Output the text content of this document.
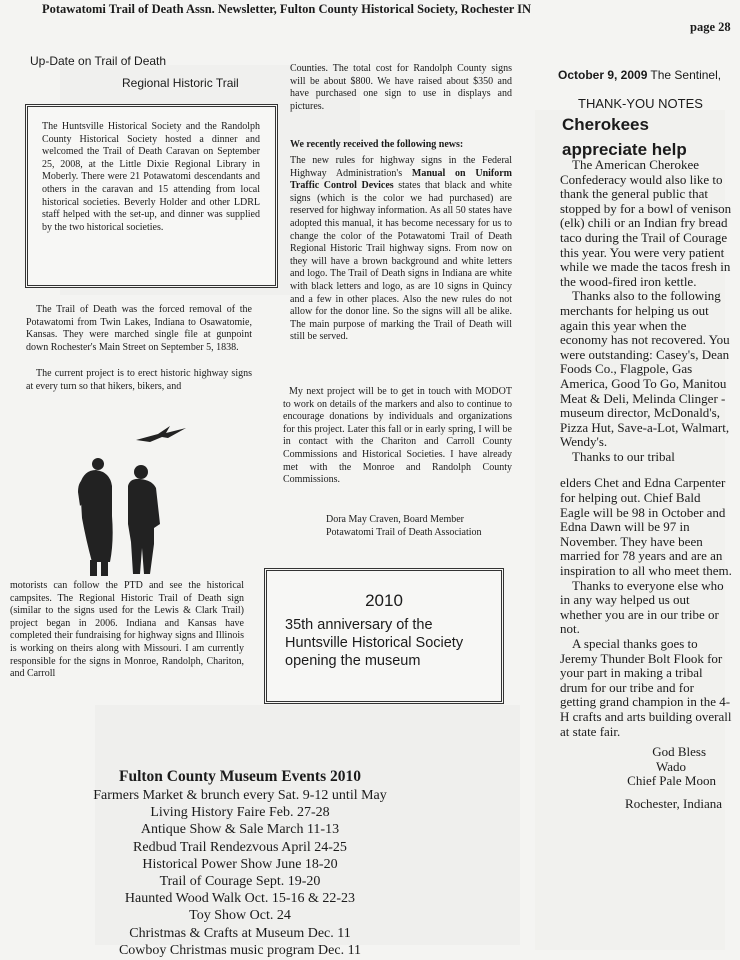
Potawatomi Trail of Death Assn. Newsletter, Fulton County Historical Society, Rochester IN
page 28
Up-Date on Trail of Death
Regional Historic Trail

The Huntsville Historical Society and the Randolph County Historical Society hosted a dinner and welcomed the Trail of Death Caravan on September 25, 2008, at the Little Dixie Regional Library in Moberly. There were 21 Potawatomi descendants and others in the caravan and 15 attending from local historical societies. Beverly Holder and other LDRL staff helped with the set-up, and dinner was supplied by the two historical societies.

The Trail of Death was the forced removal of the Potawatomi from Twin Lakes, Indiana to Osawatomie, Kansas. They were marched single file at gunpoint down Rochester's Main Street on September 5, 1838.

The current project is to erect historic highway signs at every turn so that hikers, bikers, and

motorists can follow the PTD and see the historical campsites. The Regional Historic Trail of Death sign (similar to the signs used for the Lewis & Clark Trail) project began in 2006. Indiana and Kansas have completed their fundraising for highway signs and Illinois is working on theirs along with Missouri. I am currently responsible for the signs in Monroe, Randolph, Chariton, and Carroll

Counties. The total cost for Randolph County signs will be about $800. We have raised about $350 and have purchased one sign to use in displays and pictures.

We recently received the following news:

The new rules for highway signs in the Federal Highway Administration's Manual on Uniform Traffic Control Devices states that black and white signs (which is the color we had purchased) are reserved for highway information. As all 50 states have adopted this manual, it has become necessary for us to change the color of the Potawatomi Trail of Death Regional Historic Trail highway signs. From now on they will have a brown background and white letters and logo. The Trail of Death signs in Indiana are white with black letters and logo, as are 10 signs in Quincy and a few in other places. Also the new rules do not allow for the donor line. So the signs will all be alike. The main purpose of marking the Trail of Death will still be served.

My next project will be to get in touch with MODOT to work on details of the markers and also to continue to encourage donations by individuals and organizations for this project. Later this fall or in early spring, I will be in contact with the Chariton and Carroll County Commissions and Historical Societies. I have already met with the Monroe and Randolph County Commissions.

Dora May Craven, Board Member
Potawatomi Trail of Death Association
2010
35th anniversary of the
Huntsville Historical Society
opening the museum
Fulton County Museum Events 2010
Farmers Market & brunch every Sat. 9-12 until May
Living History Faire Feb. 27-28
Antique Show & Sale March 11-13
Redbud Trail Rendezvous April 24-25
Historical Power Show June 18-20
Trail of Courage Sept. 19-20
Haunted Wood Walk Oct. 15-16 & 22-23
Toy Show Oct. 24
Christmas & Crafts at Museum Dec. 11
Cowboy Christmas music program Dec. 11
October 9, 2009 The Sentinel,
THANK-YOU NOTES
Cherokees
appreciate help

The American Cherokee Confederacy would also like to thank the general public that stopped by for a bowl of venison (elk) chili or an Indian fry bread taco during the Trail of Courage this year. You were very patient while we made the tacos fresh in the wood-fired iron kettle.

Thanks also to the following merchants for helping us out again this year when the economy has not recovered. You were outstanding: Casey's, Dean Foods Co., Flagpole, Gas America, Good To Go, Manitou Meat & Deli, Melinda Clinger - museum director, McDonald's, Pizza Hut, Save-a-Lot, Walmart, Wendy's.

Thanks to our tribal

elders Chet and Edna Carpenter for helping out. Chief Bald Eagle will be 98 in October and Edna Dawn will be 97 in November. They have been married for 78 years and are an inspiration to all who meet them.

Thanks to everyone else who in any way helped us out whether you are in our tribe or not.

A special thanks goes to Jeremy Thunder Bolt Flook for your part in making a tribal drum for our tribe and for getting grand champion in the 4-H crafts and arts building overall at state fair.

God Bless

Wado

Chief Pale Moon

Rochester, Indiana
